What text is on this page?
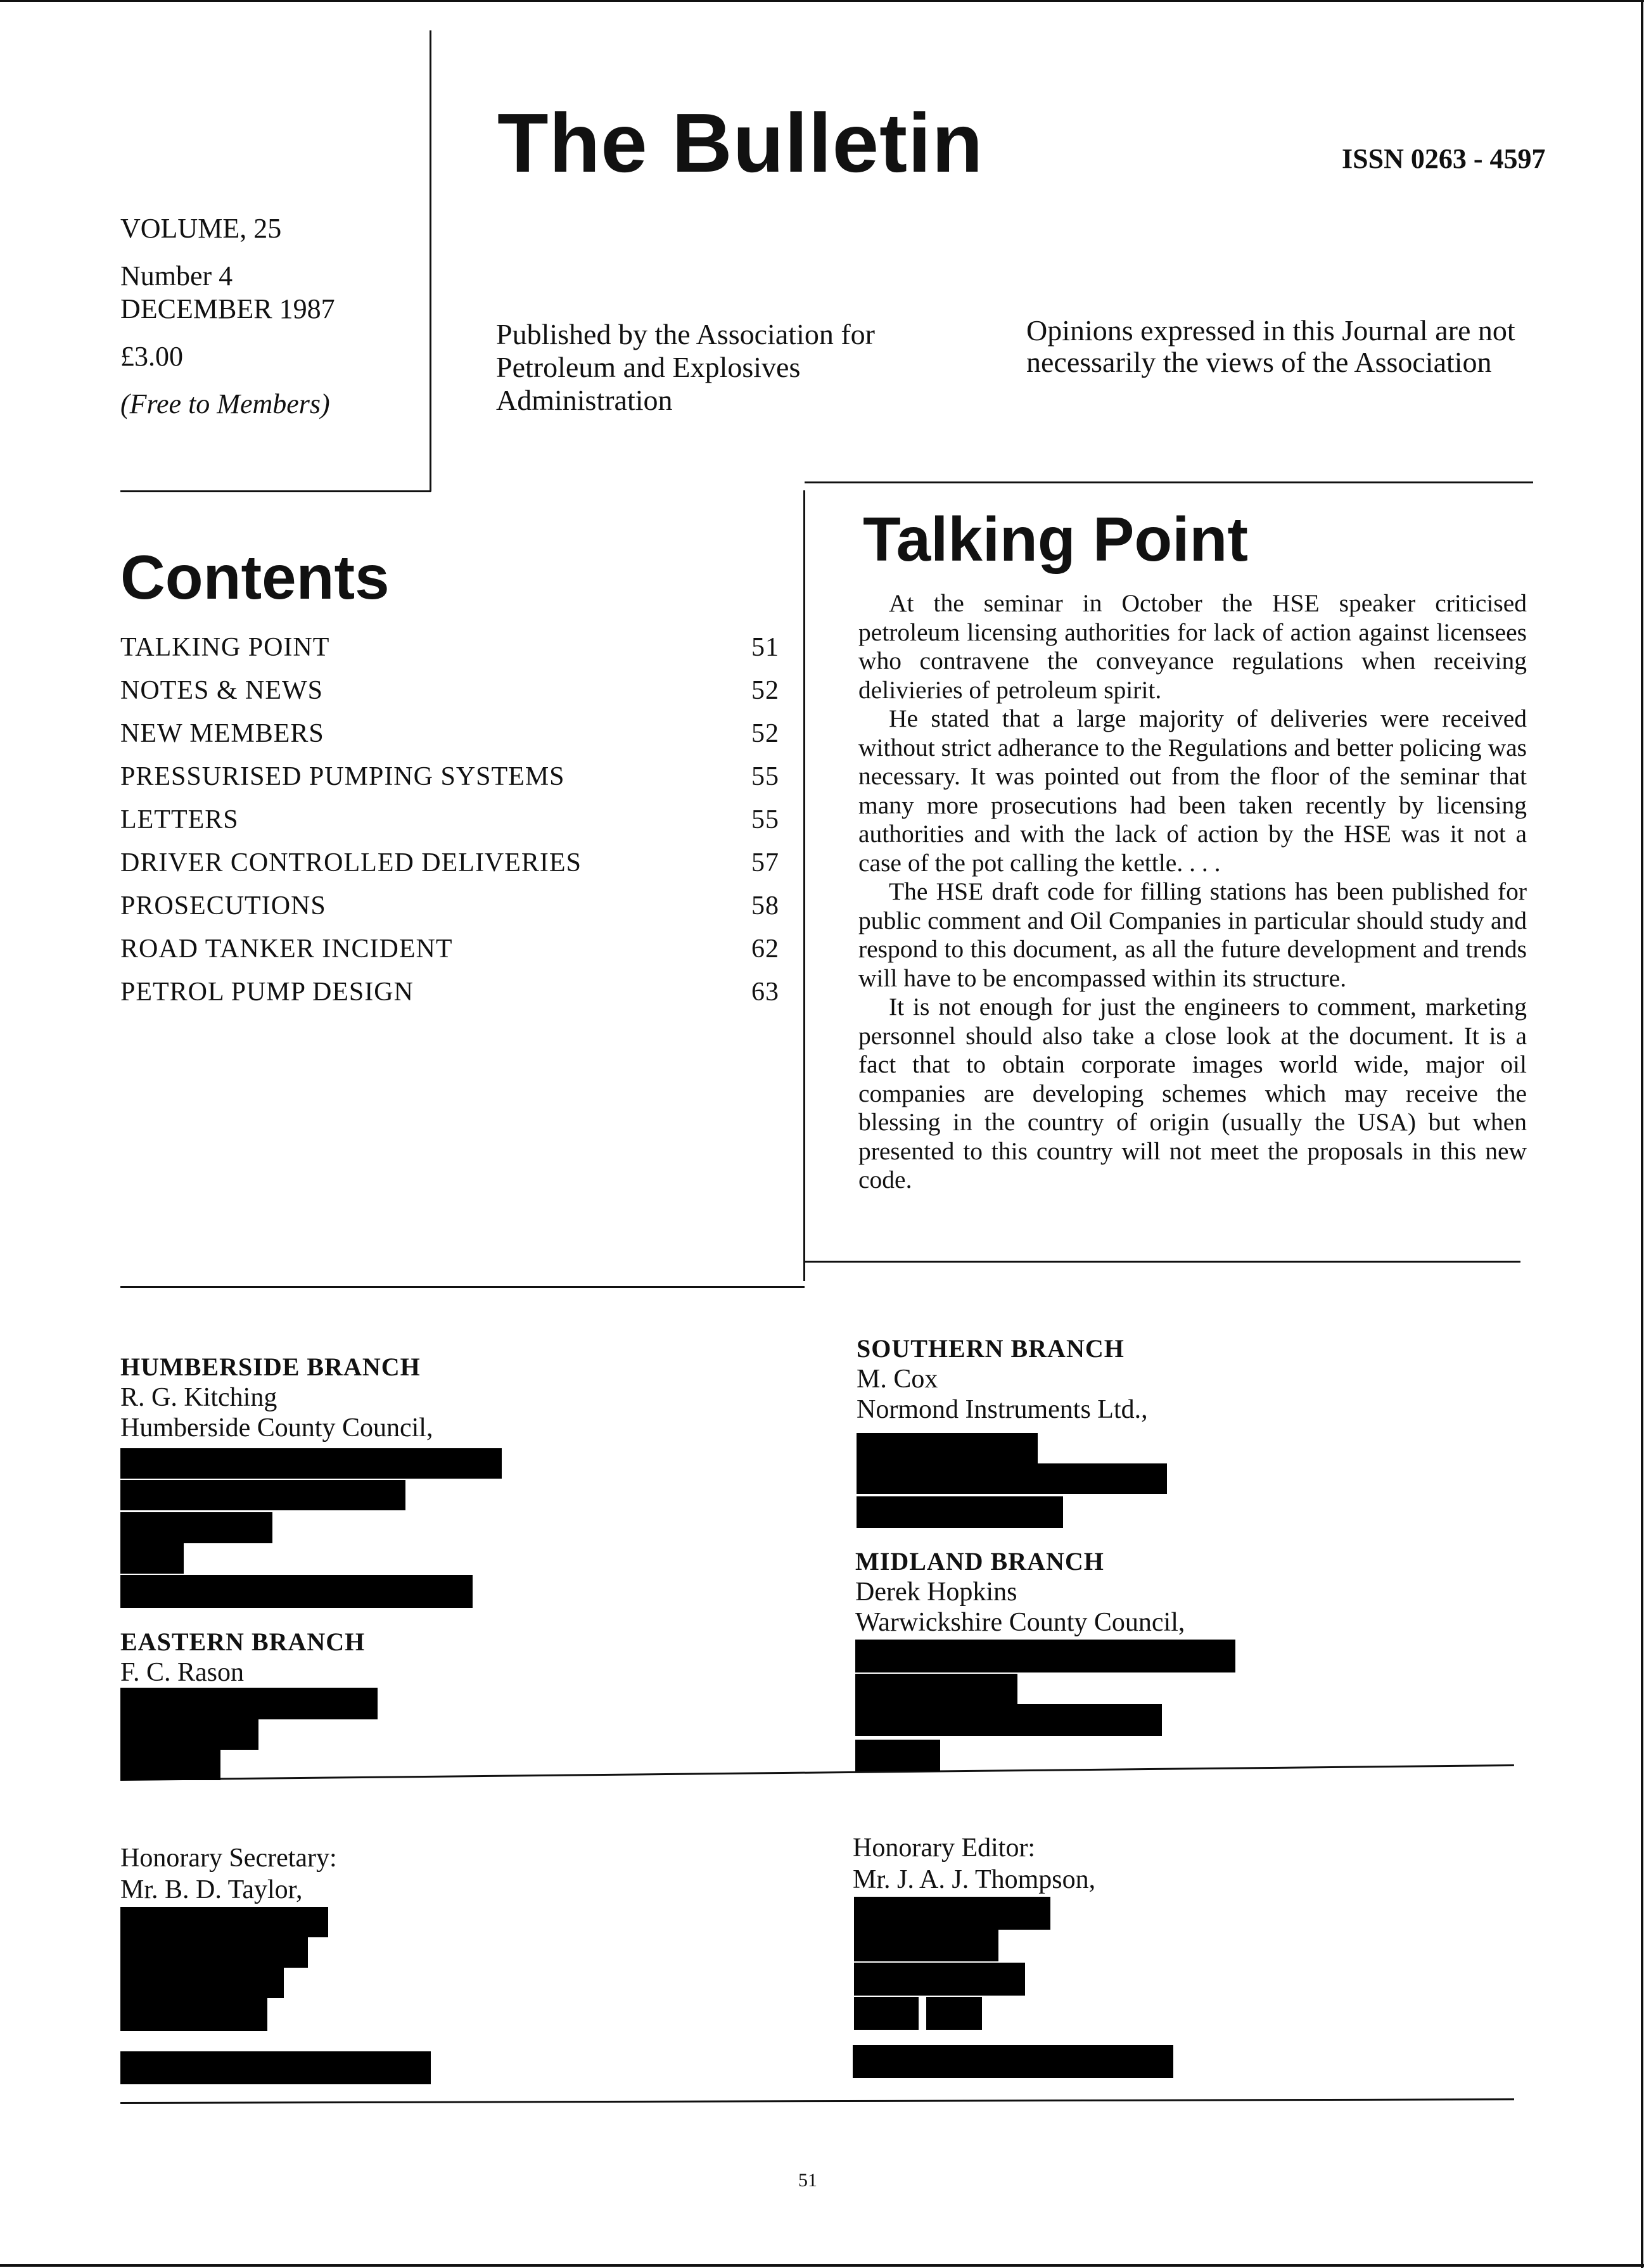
The Bulletin	ISSN 0263 - 4597
VOLUME, 25
Number 4
DECEMBER 1987
£3.00
(Free to Members)
Published by the Association for Petroleum and Explosives Administration
Opinions expressed in this Journal are not necessarily the views of the Association
Contents
TALKING POINT	51
NOTES & NEWS	52
NEW MEMBERS	52
PRESSURISED PUMPING SYSTEMS	55
LETTERS	55
DRIVER CONTROLLED DELIVERIES	57
PROSECUTIONS	58
ROAD TANKER INCIDENT	62
PETROL PUMP DESIGN	63
Talking Point

At the seminar in October the HSE speaker criticised petroleum licensing authorities for lack of action against licensees who contravene the conveyance regulations when receiving delivieries of petroleum spirit.

He stated that a large majority of deliveries were received without strict adherance to the Regulations and better policing was necessary. It was pointed out from the floor of the seminar that many more prosecutions had been taken recently by licensing authorities and with the lack of action by the HSE was it not a case of the pot calling the kettle. . . .

The HSE draft code for filling stations has been published for public comment and Oil Companies in particular should study and respond to this document, as all the future development and trends will have to be encompassed within its structure.

It is not enough for just the engineers to comment, marketing personnel should also take a close look at the document. It is a fact that to obtain corporate images world wide, major oil companies are developing schemes which may receive the blessing in the country of origin (usually the USA) but when presented to this country will not meet the proposals in this new code.

HUMBERSIDE BRANCH
R. G. Kitching
Humberside County Council,
EASTERN BRANCH
F. C. Rason
SOUTHERN BRANCH
M. Cox
Normond Instruments Ltd.,
MIDLAND BRANCH
Derek Hopkins
Warwickshire County Council,
Honorary Secretary:
Mr. B. D. Taylor,
Honorary Editor:
Mr. J. A. J. Thompson,
51
